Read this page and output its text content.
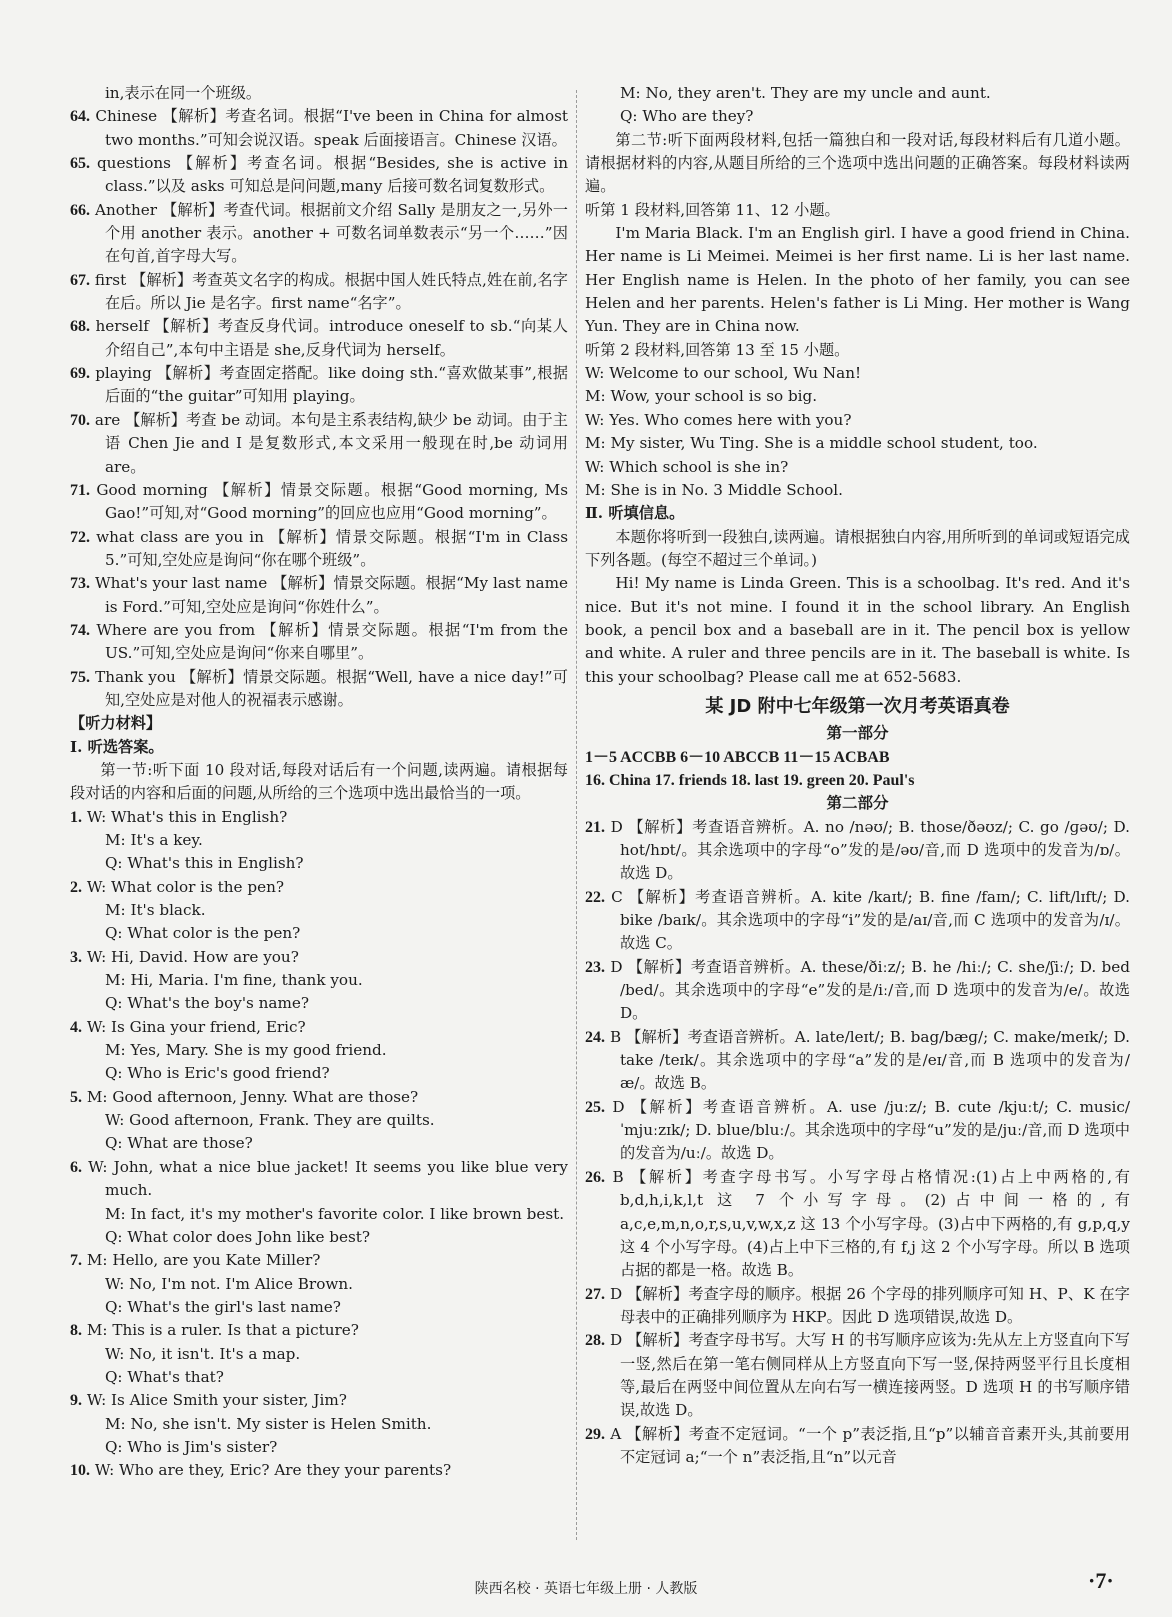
in,表示在同一个班级。

64. Chinese 【解析】考查名词。根据“I've been in China for almost two months.”可知会说汉语。speak 后面接语言。Chinese 汉语。

65. questions 【解析】考查名词。根据“Besides, she is active in class.”以及 asks 可知总是问问题,many 后接可数名词复数形式。

66. Another 【解析】考查代词。根据前文介绍 Sally 是朋友之一,另外一个用 another 表示。another + 可数名词单数表示“另一个……”因在句首,首字母大写。

67. first 【解析】考查英文名字的构成。根据中国人姓氏特点,姓在前,名字在后。所以 Jie 是名字。first name“名字”。

68. herself 【解析】考查反身代词。introduce oneself to sb.“向某人介绍自己”,本句中主语是 she,反身代词为 herself。

69. playing 【解析】考查固定搭配。like doing sth.“喜欢做某事”,根据后面的“the guitar”可知用 playing。

70. are 【解析】考查 be 动词。本句是主系表结构,缺少 be 动词。由于主语 Chen Jie and I 是复数形式,本文采用一般现在时,be 动词用 are。

71. Good morning 【解析】情景交际题。根据“Good morning, Ms Gao!”可知,对“Good morning”的回应也应用“Good morning”。

72. what class are you in 【解析】情景交际题。根据“I'm in Class 5.”可知,空处应是询问“你在哪个班级”。

73. What's your last name 【解析】情景交际题。根据“My last name is Ford.”可知,空处应是询问“你姓什么”。

74. Where are you from 【解析】情景交际题。根据“I'm from the US.”可知,空处应是询问“你来自哪里”。

75. Thank you 【解析】情景交际题。根据“Well, have a nice day!”可知,空处应是对他人的祝福表示感谢。

【听力材料】

Ⅰ. 听选答案。

第一节:听下面 10 段对话,每段对话后有一个问题,读两遍。请根据每段对话的内容和后面的问题,从所给的三个选项中选出最恰当的一项。

1. W: What's this in English?

M: It's a key.

Q: What's this in English?

2. W: What color is the pen?

M: It's black.

Q: What color is the pen?

3. W: Hi, David. How are you?

M: Hi, Maria. I'm fine, thank you.

Q: What's the boy's name?

4. W: Is Gina your friend, Eric?

M: Yes, Mary. She is my good friend.

Q: Who is Eric's good friend?

5. M: Good afternoon, Jenny. What are those?

W: Good afternoon, Frank. They are quilts.

Q: What are those?

6. W: John, what a nice blue jacket! It seems you like blue very much.

M: In fact, it's my mother's favorite color. I like brown best.

Q: What color does John like best?

7. M: Hello, are you Kate Miller?

W: No, I'm not. I'm Alice Brown.

Q: What's the girl's last name?

8. M: This is a ruler. Is that a picture?

W: No, it isn't. It's a map.

Q: What's that?

9. W: Is Alice Smith your sister, Jim?

M: No, she isn't. My sister is Helen Smith.

Q: Who is Jim's sister?

10. W: Who are they, Eric? Are they your parents?

M: No, they aren't. They are my uncle and aunt.

Q: Who are they?

第二节:听下面两段材料,包括一篇独白和一段对话,每段材料后有几道小题。请根据材料的内容,从题目所给的三个选项中选出问题的正确答案。每段材料读两遍。

听第 1 段材料,回答第 11、12 小题。

I'm Maria Black. I'm an English girl. I have a good friend in China. Her name is Li Meimei. Meimei is her first name. Li is her last name. Her English name is Helen. In the photo of her family, you can see Helen and her parents. Helen's father is Li Ming. Her mother is Wang Yun. They are in China now.

听第 2 段材料,回答第 13 至 15 小题。

W: Welcome to our school, Wu Nan!

M: Wow, your school is so big.

W: Yes. Who comes here with you?

M: My sister, Wu Ting. She is a middle school student, too.

W: Which school is she in?

M: She is in No. 3 Middle School.

Ⅱ. 听填信息。

本题你将听到一段独白,读两遍。请根据独白内容,用所听到的单词或短语完成下列各题。(每空不超过三个单词。)

Hi! My name is Linda Green. This is a schoolbag. It's red. And it's nice. But it's not mine. I found it in the school library. An English book, a pencil box and a baseball are in it. The pencil box is yellow and white. A ruler and three pencils are in it. The baseball is white. Is this your schoolbag? Please call me at 652-5683.

某 JD 附中七年级第一次月考英语真卷
第一部分

1－5 ACCBB 6－10 ABCCB 11－15 ACBAB

16. China 17. friends 18. last 19. green 20. Paul's

第二部分

21. D 【解析】考查语音辨析。A. no /nəʊ/; B. those/ðəʊz/; C. go /ɡəʊ/; D. hot/hɒt/。其余选项中的字母“o”发的是/əʊ/音,而 D 选项中的发音为/ɒ/。故选 D。

22. C 【解析】考查语音辨析。A. kite /kaɪt/; B. fine /faɪn/; C. lift/lɪft/; D. bike /baɪk/。其余选项中的字母“i”发的是/aɪ/音,而 C 选项中的发音为/ɪ/。故选 C。

23. D 【解析】考查语音辨析。A. these/ðiːz/; B. he /hiː/; C. she/ʃiː/; D. bed /bed/。其余选项中的字母“e”发的是/iː/音,而 D 选项中的发音为/e/。故选 D。

24. B 【解析】考查语音辨析。A. late/leɪt/; B. bag/bæɡ/; C. make/meɪk/; D. take /teɪk/。其余选项中的字母“a”发的是/eɪ/音,而 B 选项中的发音为/æ/。故选 B。

25. D 【解析】考查语音辨析。A. use /juːz/; B. cute /kjuːt/; C. music/ˈmjuːzɪk/; D. blue/bluː/。其余选项中的字母“u”发的是/juː/音,而 D 选项中的发音为/uː/。故选 D。

26. B 【解析】考查字母书写。小写字母占格情况:(1)占上中两格的,有 b,d,h,i,k,l,t 这 7 个小写字母。(2)占中间一格的,有 a,c,e,m,n,o,r,s,u,v,w,x,z 这 13 个小写字母。(3)占中下两格的,有 g,p,q,y 这 4 个小写字母。(4)占上中下三格的,有 f,j 这 2 个小写字母。所以 B 选项占据的都是一格。故选 B。

27. D 【解析】考查字母的顺序。根据 26 个字母的排列顺序可知 H、P、K 在字母表中的正确排列顺序为 HKP。因此 D 选项错误,故选 D。

28. D 【解析】考查字母书写。大写 H 的书写顺序应该为:先从左上方竖直向下写一竖,然后在第一笔右侧同样从上方竖直向下写一竖,保持两竖平行且长度相等,最后在两竖中间位置从左向右写一横连接两竖。D 选项 H 的书写顺序错误,故选 D。

29. A 【解析】考查不定冠词。“一个 p”表泛指,且“p”以辅音音素开头,其前要用不定冠词 a;“一个 n”表泛指,且“n”以元音

陕西名校 · 英语七年级上册 · 人教版	·7·
